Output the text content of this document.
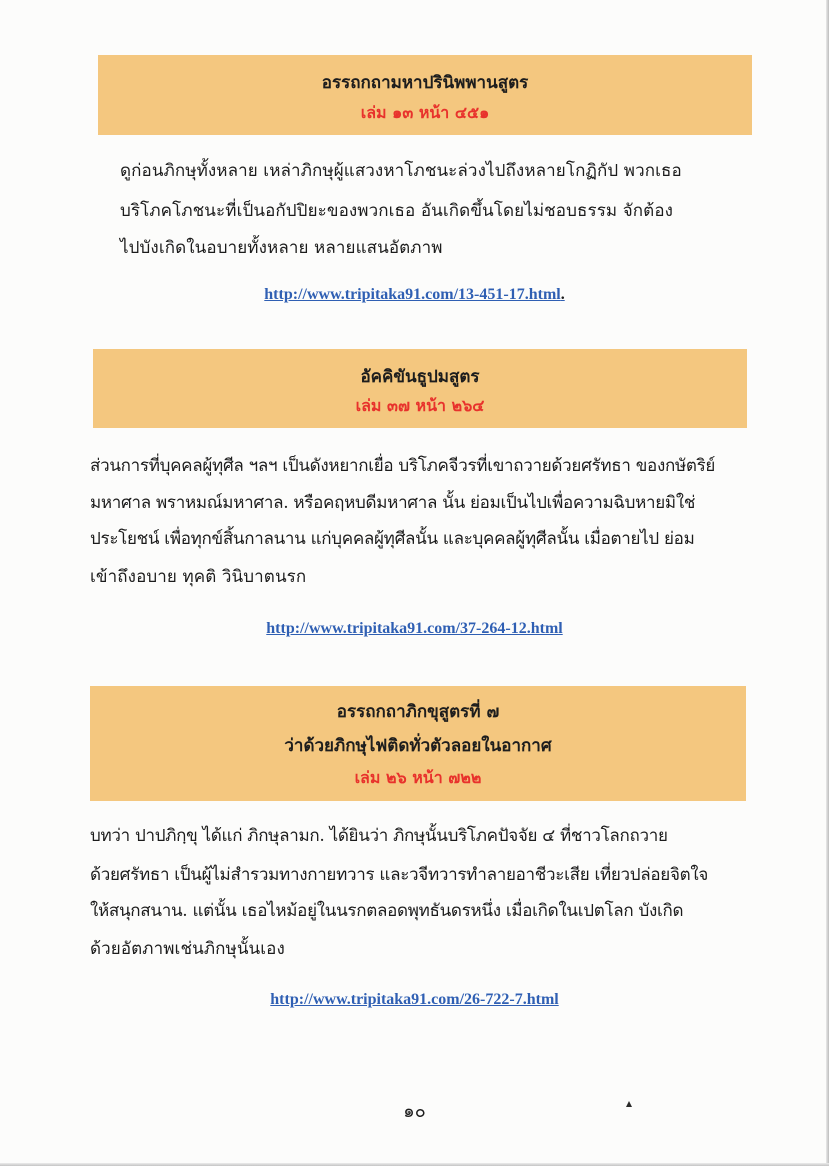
อรรถกถามหาปรินิพพานสูตร
เล่ม ๑๓ หน้า ๔๕๑
ดูก่อนภิกษุทั้งหลาย เหล่าภิกษุผู้แสวงหาโภชนะล่วงไปถึงหลายโกฏิกัป พวกเธอ
บริโภคโภชนะที่เป็นอกัปปิยะของพวกเธอ อันเกิดขึ้นโดยไม่ชอบธรรม จักต้อง
ไปบังเกิดในอบายทั้งหลาย หลายแสนอัตภาพ
http://www.tripitaka91.com/13-451-17.html.
อัคคิขันธูปมสูตร
เล่ม ๓๗ หน้า ๒๖๔
ส่วนการที่บุคคลผู้ทุศีล ฯลฯ เป็นดังหยากเยื่อ บริโภคจีวรที่เขาถวายด้วยศรัทธา ของกษัตริย์
มหาศาล พราหมณ์มหาศาล. หรือคฤหบดีมหาศาล นั้น ย่อมเป็นไปเพื่อความฉิบหายมิใช่
ประโยชน์ เพื่อทุกข์สิ้นกาลนาน แก่บุคคลผู้ทุศีลนั้น และบุคคลผู้ทุศีลนั้น เมื่อตายไป ย่อม
เข้าถึงอบาย ทุคติ วินิบาตนรก
http://www.tripitaka91.com/37-264-12.html
อรรถกถาภิกขุสูตรที่ ๗
ว่าด้วยภิกษุไฟติดทั่วตัวลอยในอากาศ
เล่ม ๒๖ หน้า ๗๒๒
บทว่า ปาปภิกฺขุ ได้แก่ ภิกษุลามก. ได้ยินว่า ภิกษุนั้นบริโภคปัจจัย ๔ ที่ชาวโลกถวาย
ด้วยศรัทธา เป็นผู้ไม่สำรวมทางกายทวาร และวจีทวารทำลายอาชีวะเสีย เที่ยวปล่อยจิตใจ
ให้สนุกสนาน. แต่นั้น เธอไหม้อยู่ในนรกตลอดพุทธันดรหนึ่ง เมื่อเกิดในเปตโลก บังเกิด
ด้วยอัตภาพเช่นภิกษุนั้นเอง
http://www.tripitaka91.com/26-722-7.html
๑๐
